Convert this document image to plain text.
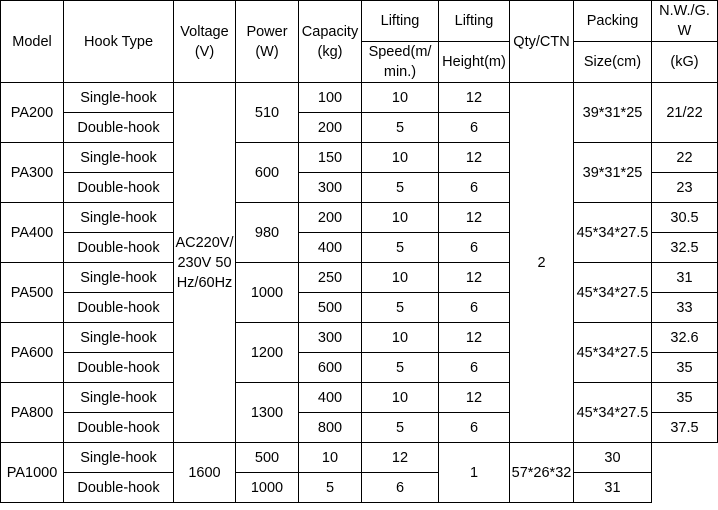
Model	Hook Type	Voltage(V)	Power(W)	Capacity(kg)	Lifting	Lifting	Qty/CTN	Packing	N.W./G.W
					Speed(m/min.)	Height(m)		Size(cm)	(kG)
PA200	Single-hook	AC220V/230V 50Hz/60Hz	510	100	10	12	2	39*31*25	21/22
	Double-hook			200	5	6			
PA300	Single-hook		600	150	10	12		39*31*25	22
	Double-hook			300	5	6			23
PA400	Single-hook		980	200	10	12		45*34*27.5	30.5
	Double-hook			400	5	6			32.5
PA500	Single-hook		1000	250	10	12		45*34*27.5	31
	Double-hook			500	5	6			33
PA600	Single-hook		1200	300	10	12		45*34*27.5	32.6
	Double-hook			600	5	6			35
PA800	Single-hook		1300	400	10	12		45*34*27.5	35
	Double-hook			800	5	6			37.5
PA1000	Single-hook	1600	500	10	12	1	57*26*32	30	
	Double-hook		1000	5	6			31	
